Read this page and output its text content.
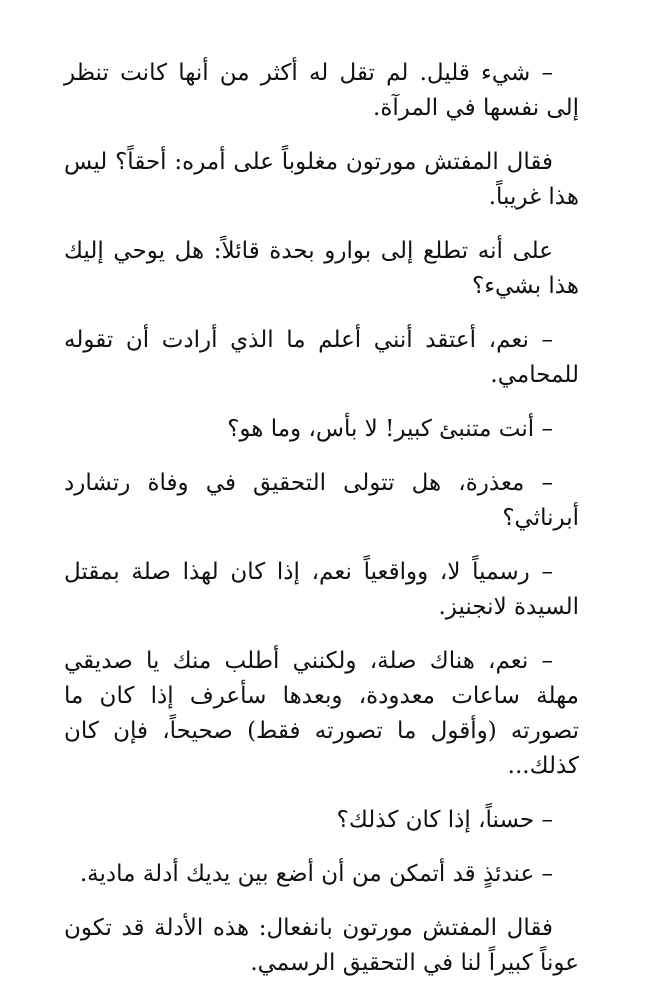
– شيء قليل. لم تقل له أكثر من أنها كانت تنظر إلى نفسها في المرآة.

فقال المفتش مورتون مغلوباً على أمره: أحقاً؟ ليس هذا غريباً.

على أنه تطلع إلى بوارو بحدة قائلاً: هل يوحي إليك هذا بشيء؟

– نعم، أعتقد أنني أعلم ما الذي أرادت أن تقوله للمحامي.

– أنت متنبئ كبير! لا بأس، وما هو؟

– معذرة، هل تتولى التحقيق في وفاة رتشارد أبرناثي؟

– رسمياً لا، وواقعياً نعم، إذا كان لهذا صلة بمقتل السيدة لانجنيز.

– نعم، هناك صلة، ولكنني أطلب منك يا صديقي مهلة ساعات معدودة، وبعدها سأعرف إذا كان ما تصورته (وأقول ما تصورته فقط) صحيحاً، فإن كان كذلك...

– حسناً، إذا كان كذلك؟

– عندئذٍ قد أتمكن من أن أضع بين يديك أدلة مادية.

فقال المفتش مورتون بانفعال: هذه الأدلة قد تكون عوناً كبيراً لنا في التحقيق الرسمي.
